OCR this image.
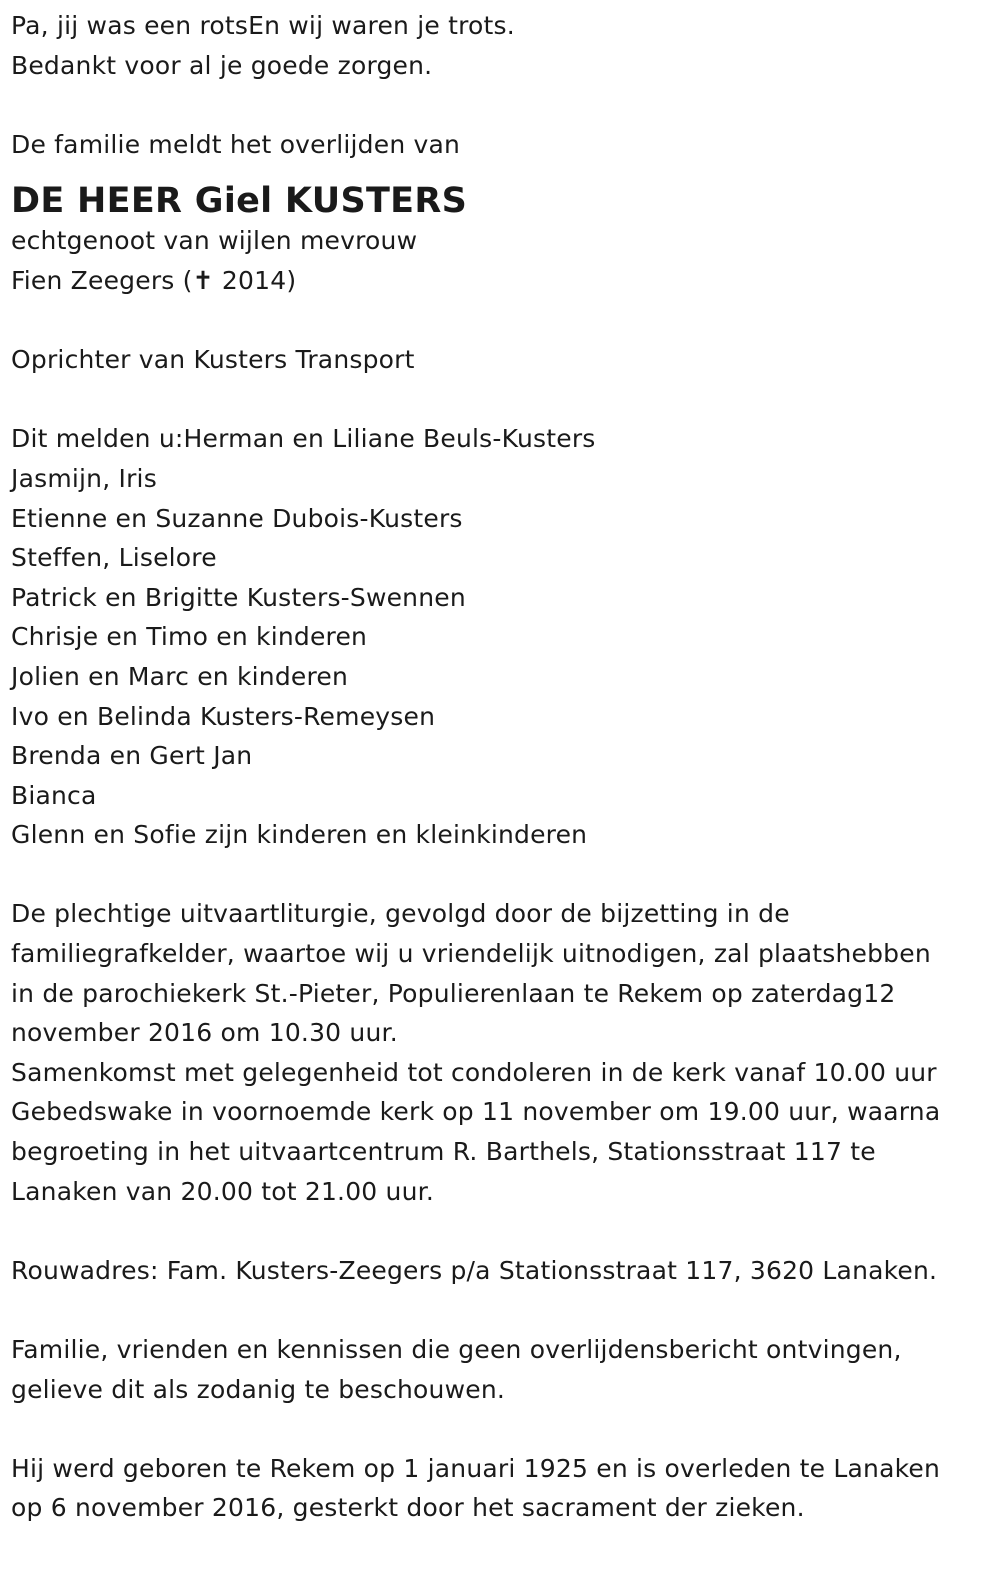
Pa, jij was een rotsEn wij waren je trots.
Bedankt voor al je goede zorgen.
De familie meldt het overlijden van
DE HEER Giel KUSTERS
echtgenoot van wijlen mevrouw
Fien Zeegers (✝ 2014)
Oprichter van Kusters Transport
Dit melden u:Herman en Liliane Beuls-Kusters
Jasmijn, Iris
Etienne en Suzanne Dubois-Kusters
Steffen, Liselore
Patrick en Brigitte Kusters-Swennen
Chrisje en Timo en kinderen
Jolien en Marc en kinderen
Ivo en Belinda Kusters-Remeysen
Brenda en Gert Jan
Bianca
Glenn en Sofie zijn kinderen en kleinkinderen
De plechtige uitvaartliturgie, gevolgd door de bijzetting in de
familiegrafkelder, waartoe wij u vriendelijk uitnodigen, zal plaatshebben
in de parochiekerk St.-Pieter, Populierenlaan te Rekem op zaterdag12
november 2016 om 10.30 uur.
Samenkomst met gelegenheid tot condoleren in de kerk vanaf 10.00 uur
Gebedswake in voornoemde kerk op 11 november om 19.00 uur, waarna
begroeting in het uitvaartcentrum R. Barthels, Stationsstraat 117 te
Lanaken van 20.00 tot 21.00 uur.
Rouwadres: Fam. Kusters-Zeegers p/a Stationsstraat 117, 3620 Lanaken.
Familie, vrienden en kennissen die geen overlijdensbericht ontvingen,
gelieve dit als zodanig te beschouwen.
Hij werd geboren te Rekem op 1 januari 1925 en is overleden te Lanaken
op 6 november 2016, gesterkt door het sacrament der zieken.
